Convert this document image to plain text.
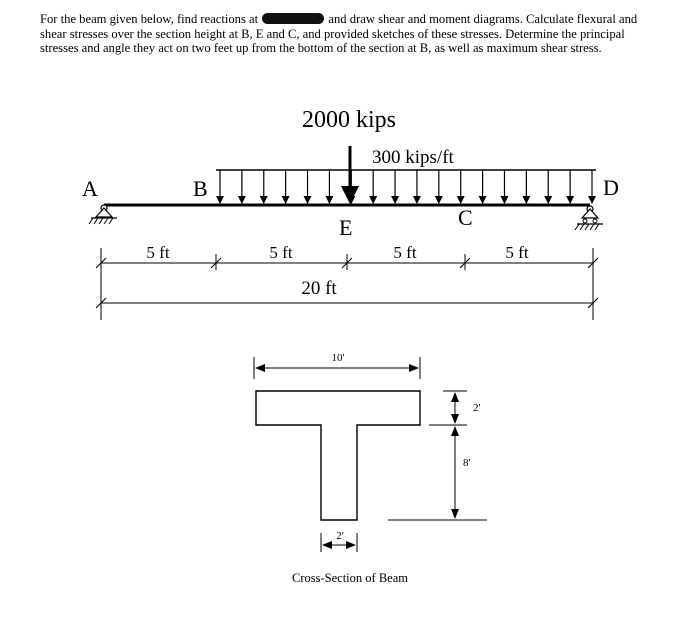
For the beam given below, find reactions at	and draw shear and moment diagrams. Calculate flexural and shear stresses over the section height at B, E and C, and provided sketches of these stresses. Determine the principal stresses and angle they act on two feet up from the bottom of the section at B, as well as maximum shear stress.
2000 kips
300 kips/ft
A	B
E	C
D
5 ft	5 ft	5 ft	5 ft
20 ft
10'
2'
2'
8'
Cross-Section of Beam
